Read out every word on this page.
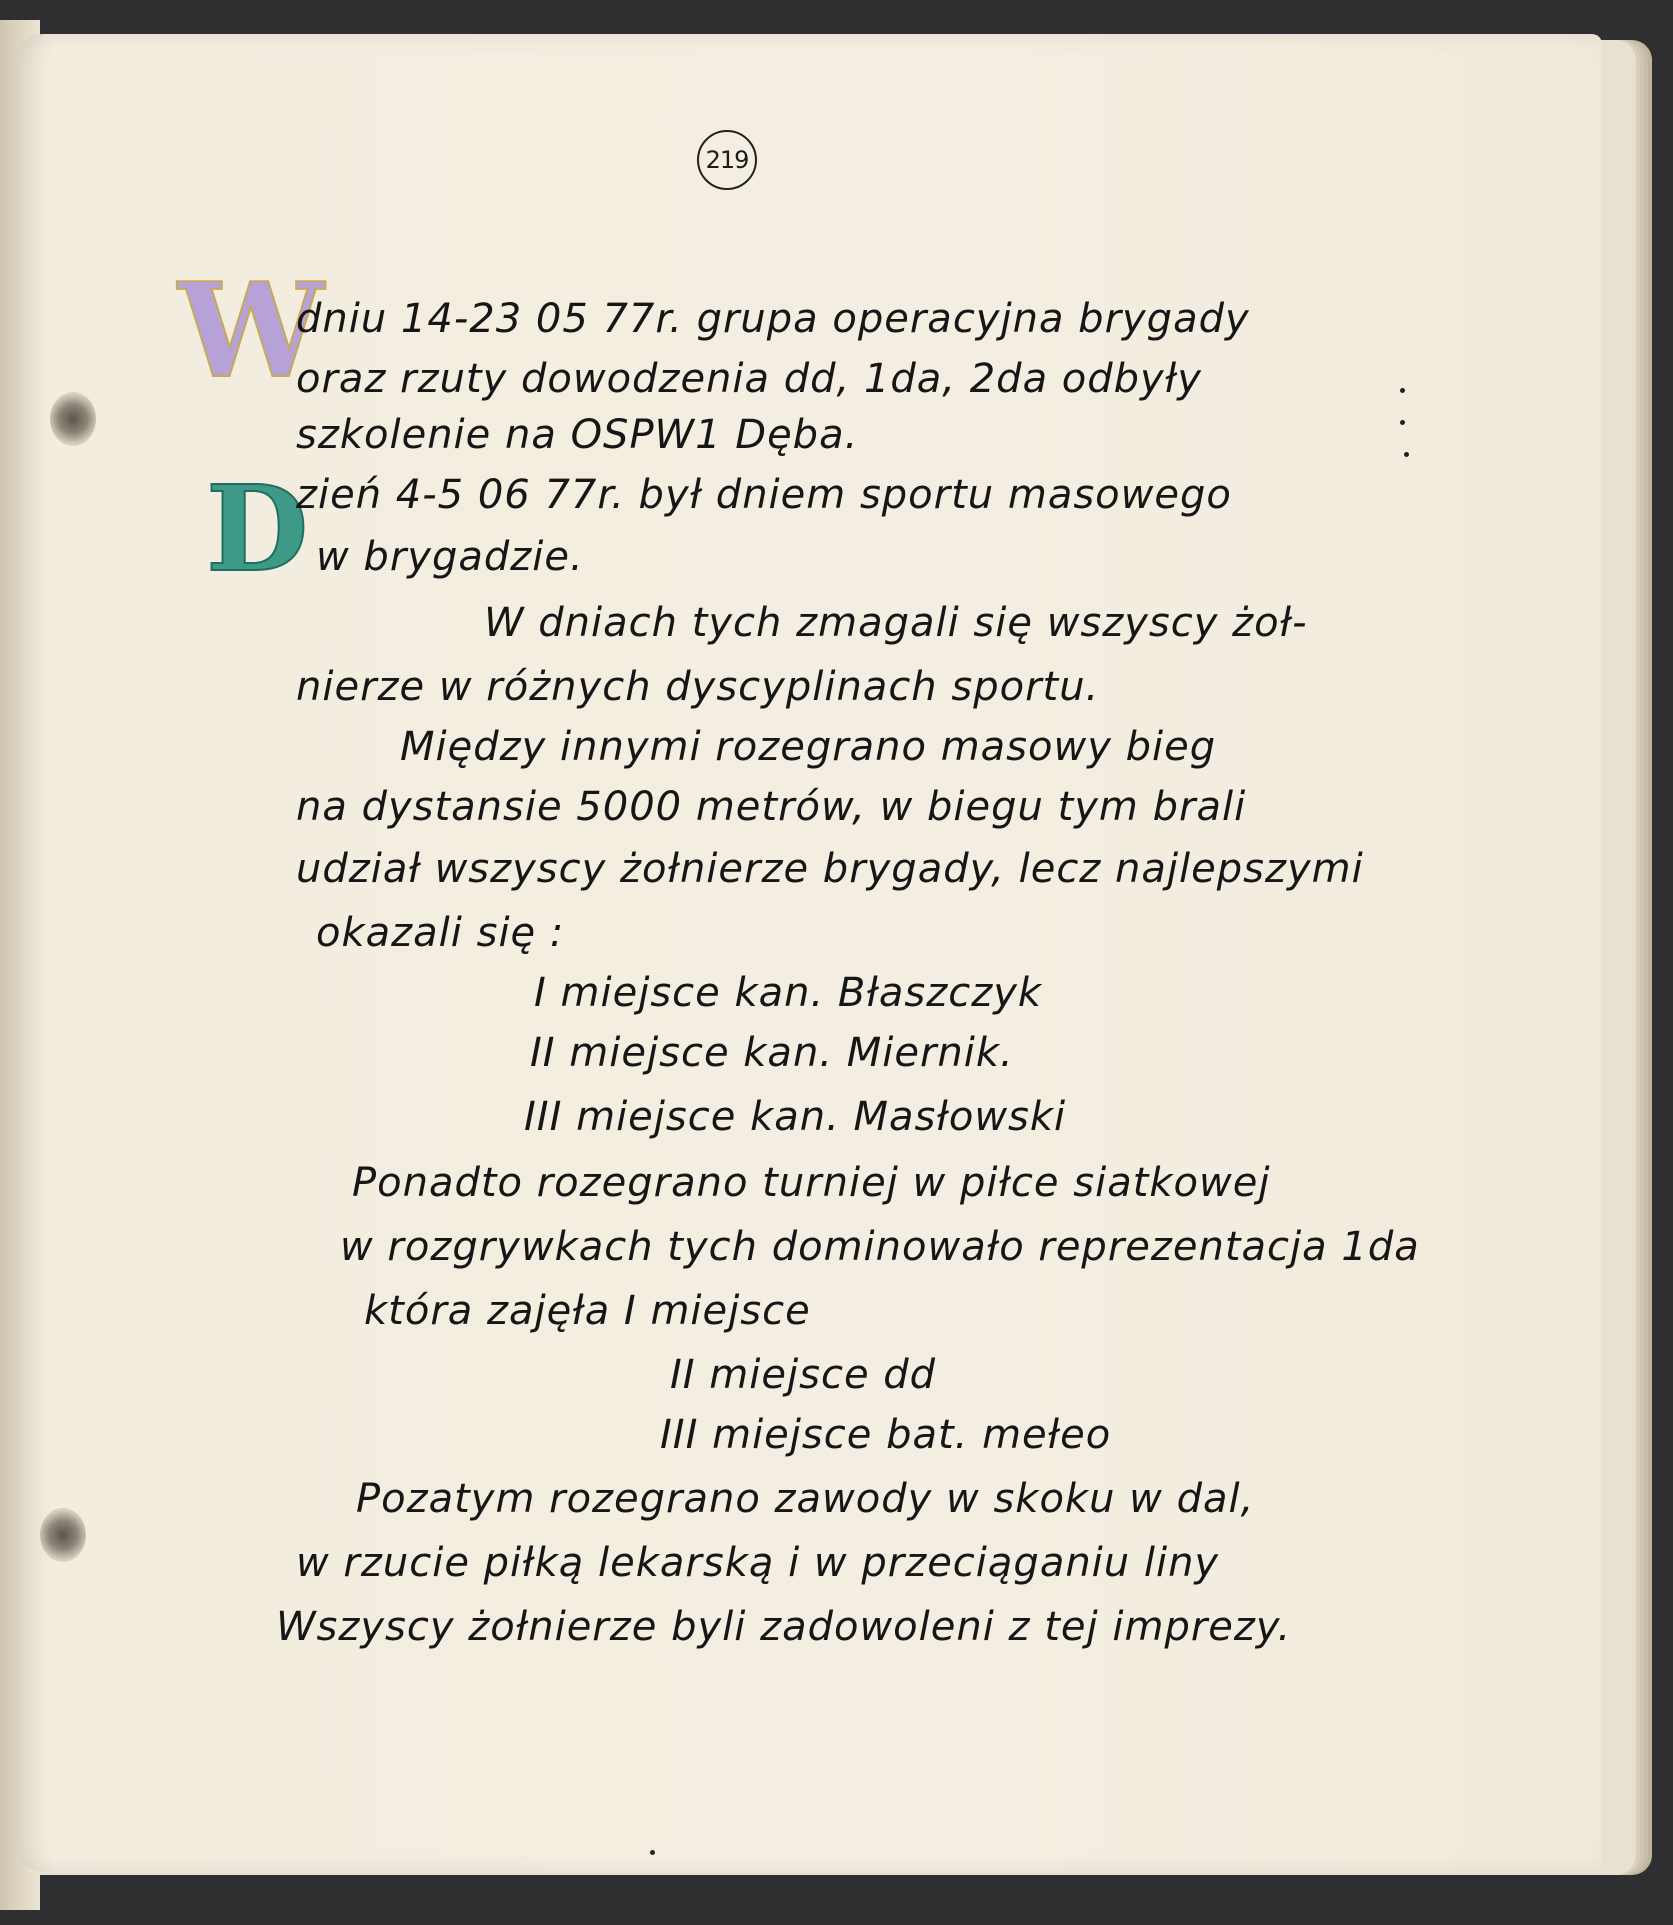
219
W
D
dniu 14-23 05 77r. grupa operacyjna brygady
oraz rzuty dowodzenia dd, 1da, 2da odbyły
szkolenie na OSPW1 Dęba.
zień 4-5 06 77r. był dniem sportu masowego
w brygadzie.
W dniach tych zmagali się wszyscy żoł-
nierze w różnych dyscyplinach sportu.
Między innymi rozegrano masowy bieg
na dystansie 5000 metrów, w biegu tym brali
udział wszyscy żołnierze brygady, lecz najlepszymi
okazali się :
I miejsce kan. Błaszczyk
II miejsce kan. Miernik.
III miejsce kan. Masłowski
Ponadto rozegrano turniej w piłce siatkowej
w rozgrywkach tych dominowało reprezentacja 1da
która zajęła I miejsce
II miejsce dd
III miejsce bat. mełeo
Pozatym rozegrano zawody w skoku w dal,
w rzucie piłką lekarską i w przeciąganiu liny
Wszyscy żołnierze byli zadowoleni z tej imprezy.
